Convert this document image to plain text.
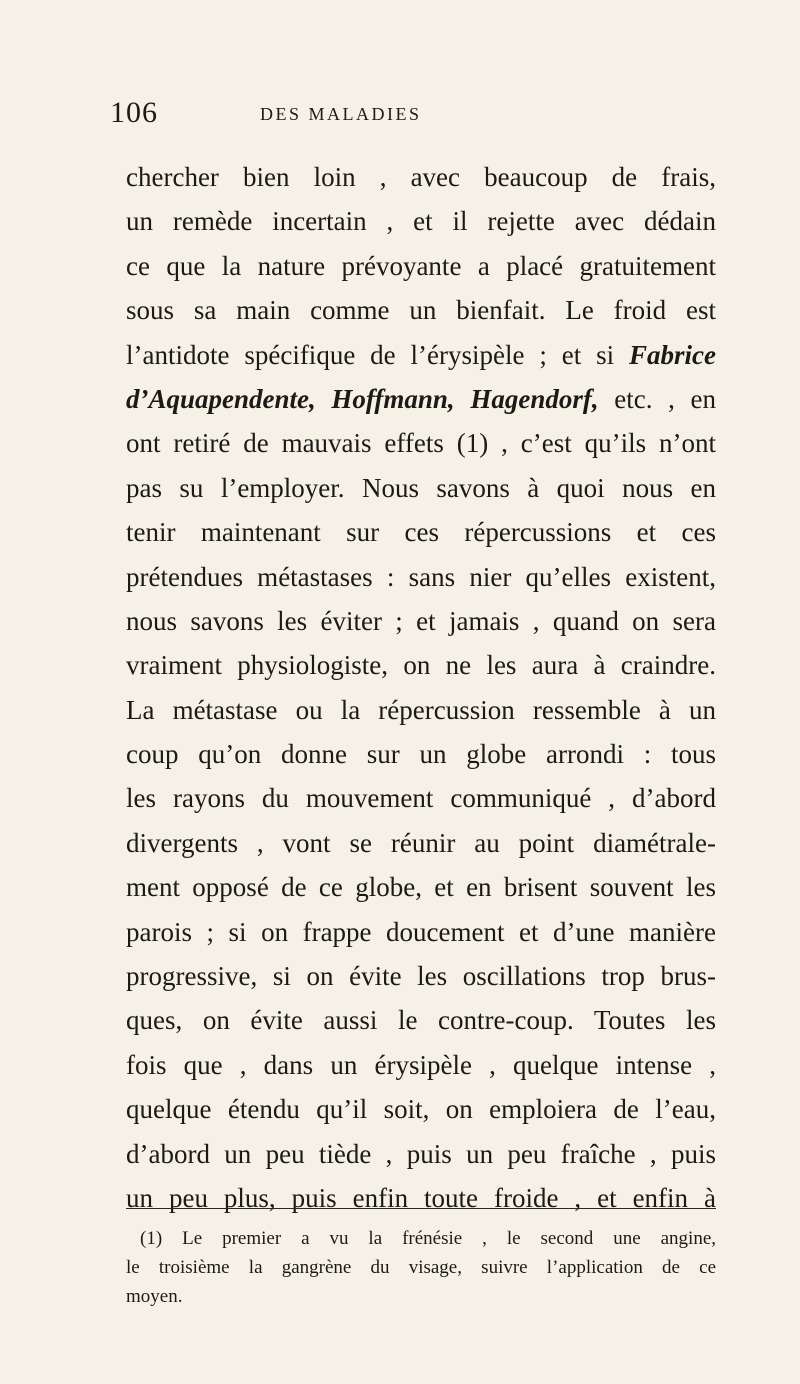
106	DES MALADIES
chercher bien loin , avec beaucoup de frais,
un remède incertain , et il rejette avec dédain
ce que la nature prévoyante a placé gratuitement
sous sa main comme un bienfait. Le froid est
l’antidote spécifique de l’érysipèle ; et si Fabrice
d’Aquapendente, Hoffmann, Hagendorf, etc. , en
ont retiré de mauvais effets (1) , c’est qu’ils n’ont
pas su l’employer. Nous savons à quoi nous en
tenir maintenant sur ces répercussions et ces
prétendues métastases : sans nier qu’elles existent,
nous savons les éviter ; et jamais , quand on sera
vraiment physiologiste, on ne les aura à craindre.
La métastase ou la répercussion ressemble à un
coup qu’on donne sur un globe arrondi : tous
les rayons du mouvement communiqué , d’abord
divergents , vont se réunir au point diamétrale-
ment opposé de ce globe, et en brisent souvent les
parois ; si on frappe doucement et d’une manière
progressive, si on évite les oscillations trop brus-
ques, on évite aussi le contre-coup. Toutes les
fois que , dans un érysipèle , quelque intense ,
quelque étendu qu’il soit, on emploiera de l’eau,
d’abord un peu tiède , puis un peu fraîche , puis
un peu plus, puis enfin toute froide , et enfin à
(1) Le premier a vu la frénésie , le second une angine,
le troisième la gangrène du visage, suivre l’application de ce
moyen.
